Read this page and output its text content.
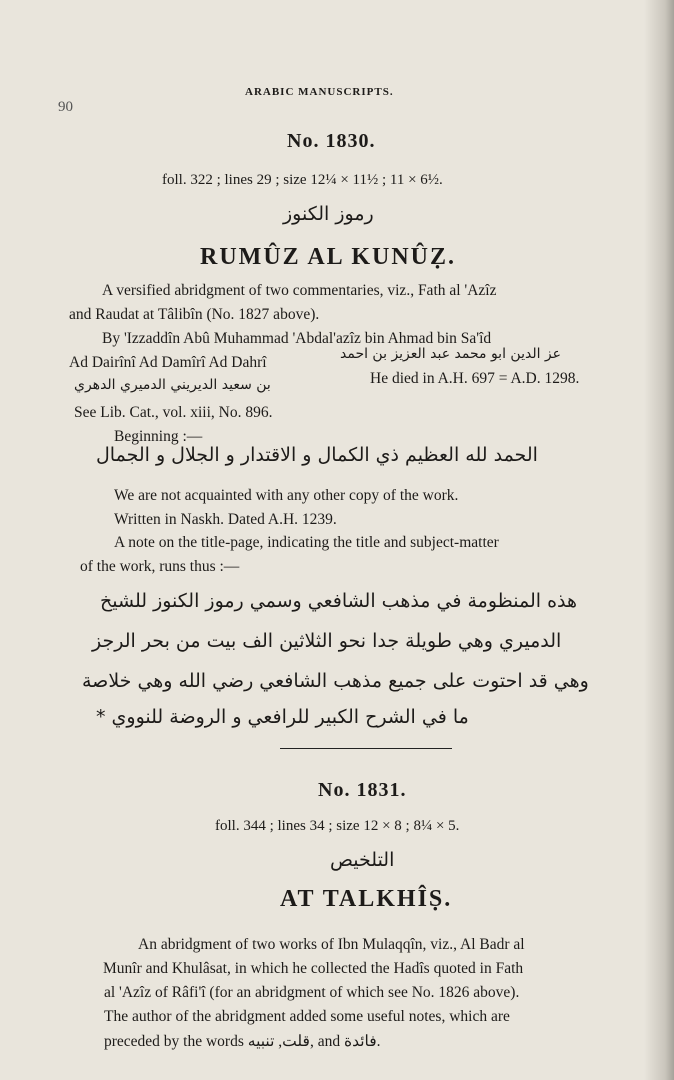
90
ARABIC MANUSCRIPTS.
No. 1830.
foll. 322 ; lines 29 ; size 12¼ × 11½ ; 11 × 6½.
رموز الكنوز
RUMÛZ AL KUNÛẒ.
A versified abridgment of two commentaries, viz., Fath al 'Azîz
and Raudat at Tâlibîn (No. 1827 above).
By 'Izzaddîn Abû Muhammad 'Abdal'azîz bin Ahmad bin Sa'îd
Ad Dairînî Ad Damîrî Ad Dahrî	عز الدين ابو محمد عبد العزيز بن احمد
بن سعيد الديريني الدميري الدهري	He died in A.H. 697 = A.D. 1298.
See Lib. Cat., vol. xiii, No. 896.
Beginning :—
الحمد لله العظيم ذي الكمال و الاقتدار و الجلال و الجمال
We are not acquainted with any other copy of the work.
Written in Naskh. Dated A.H. 1239.
A note on the title-page, indicating the title and subject-matter
of the work, runs thus :—
هذه المنظومة في مذهب الشافعي وسمي رموز الكنوز للشيخ
الدميري وهي طويلة جدا نحو الثلاثين الف بيت من بحر الرجز
وهي قد احتوت على جميع مذهب الشافعي رضي الله وهي خلاصة
ما في الشرح الكبير للرافعي و الروضة للنووي *
No. 1831.
foll. 344 ; lines 34 ; size 12 × 8 ; 8¼ × 5.
التلخيص
AT TALKHÎṢ.
An abridgment of two works of Ibn Mulaqqîn, viz., Al Badr al
Munîr and Khulâsat, in which he collected the Hadîs quoted in Fath
al 'Azîz of Râfi'î (for an abridgment of which see No. 1826 above).
The author of the abridgment added some useful notes, which are
preceded by the words قلت, تنبيه, and فائدة.
